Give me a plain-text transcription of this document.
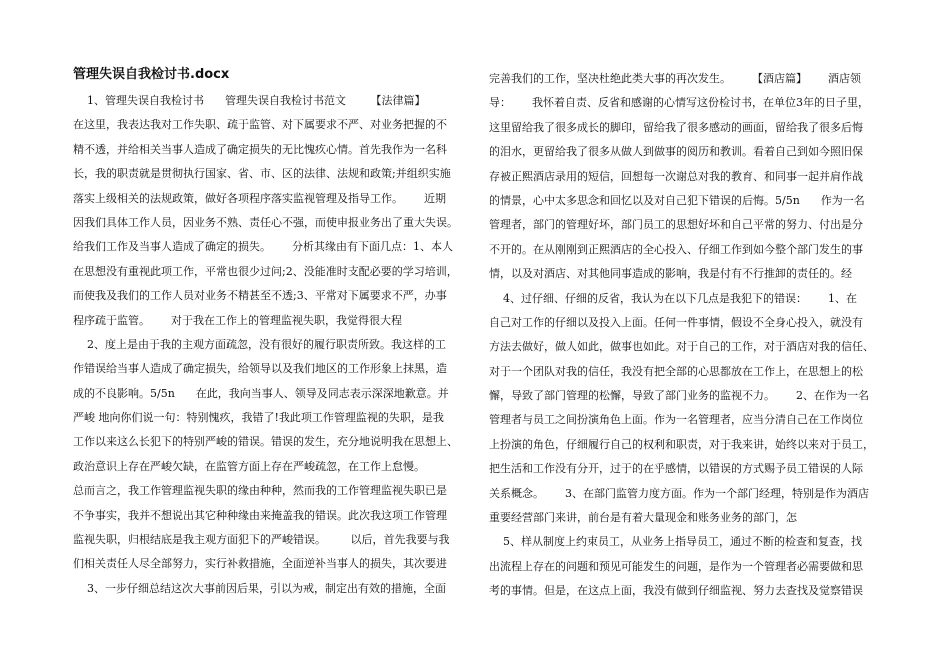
管理失误自我检讨书.docx
1、管理失误自我检讨书      管理失误自我检讨书范文       【法律篇】
在这里，我表达我对工作失职、疏于监管、对下属要求不严、对业务把握的不
精不透，并给相关当事人造成了确定损失的无比愧疚心情。首先我作为一名科
长，我的职责就是贯彻执行国家、省、市、区的法律、法规和政策;并组织实施
落实上级相关的法规政策，做好各项程序落实监视管理及指导工作。      近期
因我们具体工作人员，因业务不熟、责任心不强，而使申报业务出了重大失误。
给我们工作及当事人造成了确定的损失。      分析其缘由有下面几点：1、本人
在思想没有重视此项工作，平常也很少过问;2、没能准时支配必要的学习培训，
而使我及我们的工作人员对业务不精甚至不透;3、平常对下属要求不严，办事
程序疏于监管。      对于我在工作上的管理监视失职，我觉得很大程
2、度上是由于我的主观方面疏忽，没有很好的履行职责所致。我这样的工
作错误给当事人造成了确定损失，给领导以及我们地区的工作形象上抹黑，造
成的不良影响。5/5n      在此，我向当事人、领导及同志表示深深地歉意。并
严峻 地向你们说一句：特别愧疚，我错了!我此项工作管理监视的失职，是我
工作以来这么长犯下的特别严峻的错误。错误的发生，充分地说明我在思想上、
政治意识上存在严峻欠缺，在监管方面上存在严峻疏忽，在工作上怠慢。
总而言之，我工作管理监视失职的缘由种种，然而我的工作管理监视失职已是
不争事实，我并不想说出其它种种缘由来掩盖我的错误。此次我这项工作管理
监视失职，归根结底是我主观方面犯下的严峻错误。       以后，首先我要与我
们相关责任人尽全部努力，实行补救措施，全面逆补当事人的损失，其次要进
3、一步仔细总结这次大事前因后果，引以为戒，制定出有效的措施，全面
完善我们的工作，坚决杜绝此类大事的再次发生。      【酒店篇】      酒店领
导：      我怀着自责、反省和感谢的心情写这份检讨书，在单位3年的日子里，
这里留给我了很多成长的脚印，留给我了很多感动的画面，留给我了很多后悔
的泪水，更留给我了很多从做人到做事的阅历和教训。看着自己到如今照旧保
存被正熙酒店录用的短信，回想每一次谢总对我的教育、和同事一起并肩作战
的情景，心中太多思念和回忆以及对自己犯下错误的后悔。5/5n      作为一名
管理者，部门的管理好坏，部门员工的思想好坏和自己平常的努力、付出是分
不开的。在从刚刚到正熙酒店的全心投入、仔细工作到如今整个部门发生的事
情，以及对酒店、对其他同事造成的影响，我是付有不行推卸的责任的。经
4、过仔细、仔细的反省，我认为在以下几点是我犯下的错误：      1、在
自己对工作的仔细以及投入上面。任何一件事情，假设不全身心投入，就没有
方法去做好，做人如此，做事也如此。对于自己的工作，对于酒店对我的信任、
对于一个团队对我的信任，我没有把全部的心思都放在工作上，在思想上的松
懈，导致了部门管理的松懈，导致了部门业务的监视不力。      2、在作为一名
管理者与员工之间扮演角色上面。作为一名管理者，应当分清自己在工作岗位
上扮演的角色，仔细履行自己的权利和职责，对于我来讲，始终以来对于员工，
把生活和工作没有分开，过于的在乎感情，以错误的方式赐予员工错误的人际
关系概念。      3、在部门监管力度方面。作为一个部门经理，特别是作为酒店
重要经营部门来讲，前台是有着大量现金和账务业务的部门，怎
5、样从制度上约束员工，从业务上指导员工，通过不断的检查和复查，找
出流程上存在的问题和预见可能发生的问题，是作为一个管理者必需要做和思
考的事情。但是，在这点上面，我没有做到仔细监视、努力去查找及觉察错误
